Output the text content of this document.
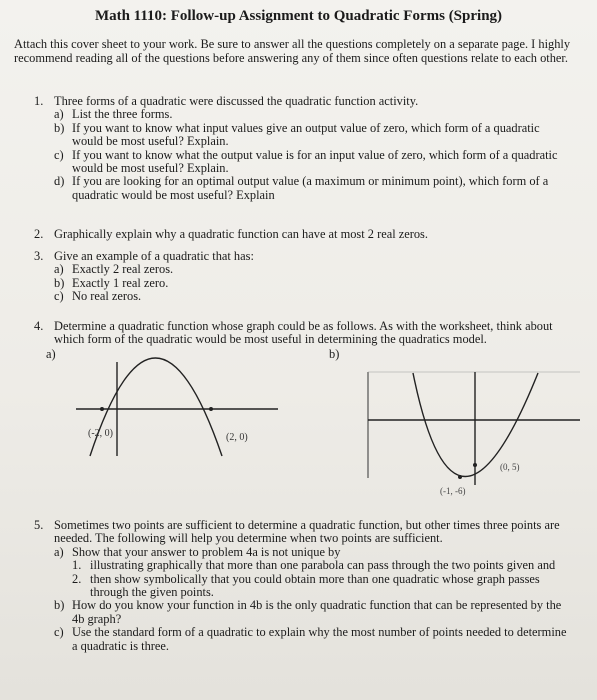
Math 1110: Follow-up Assignment to Quadratic Forms (Spring)
Attach this cover sheet to your work. Be sure to answer all the questions completely on a separate page. I highly recommend reading all of the questions before answering any of them since often questions relate to each other.
1. Three forms of a quadratic were discussed the quadratic function activity.
a) List the three forms.
b) If you want to know what input values give an output value of zero, which form of a quadratic would be most useful? Explain.
c) If you want to know what the output value is for an input value of zero, which form of a quadratic would be most useful? Explain.
d) If you are looking for an optimal output value (a maximum or minimum point), which form of a quadratic would be most useful? Explain
2. Graphically explain why a quadratic function can have at most 2 real zeros.
3. Give an example of a quadratic that has:
a) Exactly 2 real zeros.
b) Exactly 1 real zero.
c) No real zeros.
4. Determine a quadratic function whose graph could be as follows. As with the worksheet, think about which form of the quadratic would be most useful in determining the quadratics model.
a)	b)
(-2, 0)	(2, 0)
(0, 5)
(-1, -6)
5. Sometimes two points are sufficient to determine a quadratic function, but other times three points are needed. The following will help you determine when two points are sufficient.
a) Show that your answer to problem 4a is not unique by
1. illustrating graphically that more than one parabola can pass through the two points given and
2. then show symbolically that you could obtain more than one quadratic whose graph passes through the given points.
b) How do you know your function in 4b is the only quadratic function that can be represented by the 4b graph?
c) Use the standard form of a quadratic to explain why the most number of points needed to determine a quadratic is three.
